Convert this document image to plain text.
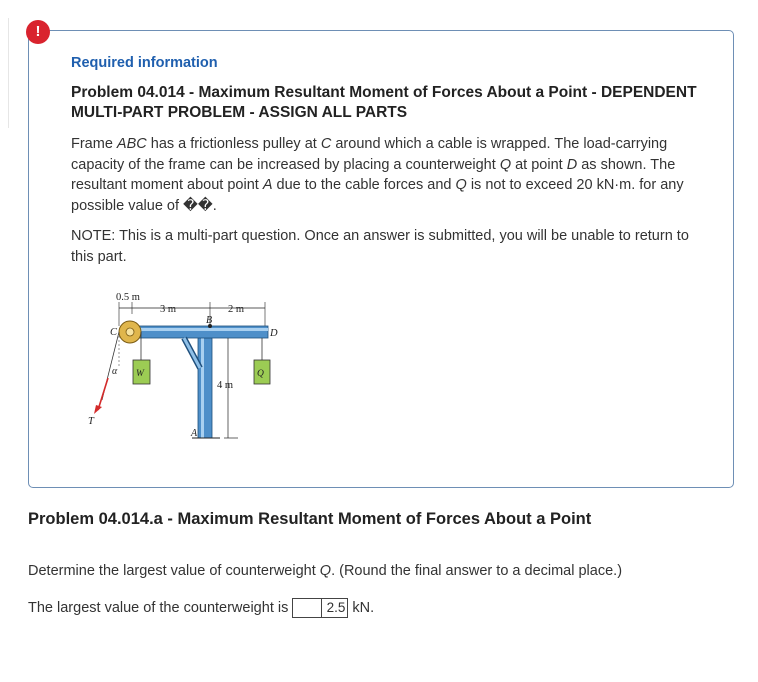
!

Required information

Problem 04.014 - Maximum Resultant Moment of Forces About a Point - DEPENDENT MULTI-PART PROBLEM - ASSIGN ALL PARTS

Frame ABC has a frictionless pulley at C around which a cable is wrapped. The load-carrying capacity of the frame can be increased by placing a counterweight Q at point D as shown. The resultant moment about point A due to the cable forces and Q is not to exceed 20 kN·m. for any possible value of ��.

NOTE: This is a multi-part question. Once an answer is submitted, you will be unable to return to this part.

0.5 m
3 m	2 m
B
4 m
A
C
Q
D
W
α
T

Problem 04.014.a - Maximum Resultant Moment of Forces About a Point

Determine the largest value of counterweight Q. (Round the final answer to a decimal place.)

The largest value of the counterweight is	2.5 kN.
